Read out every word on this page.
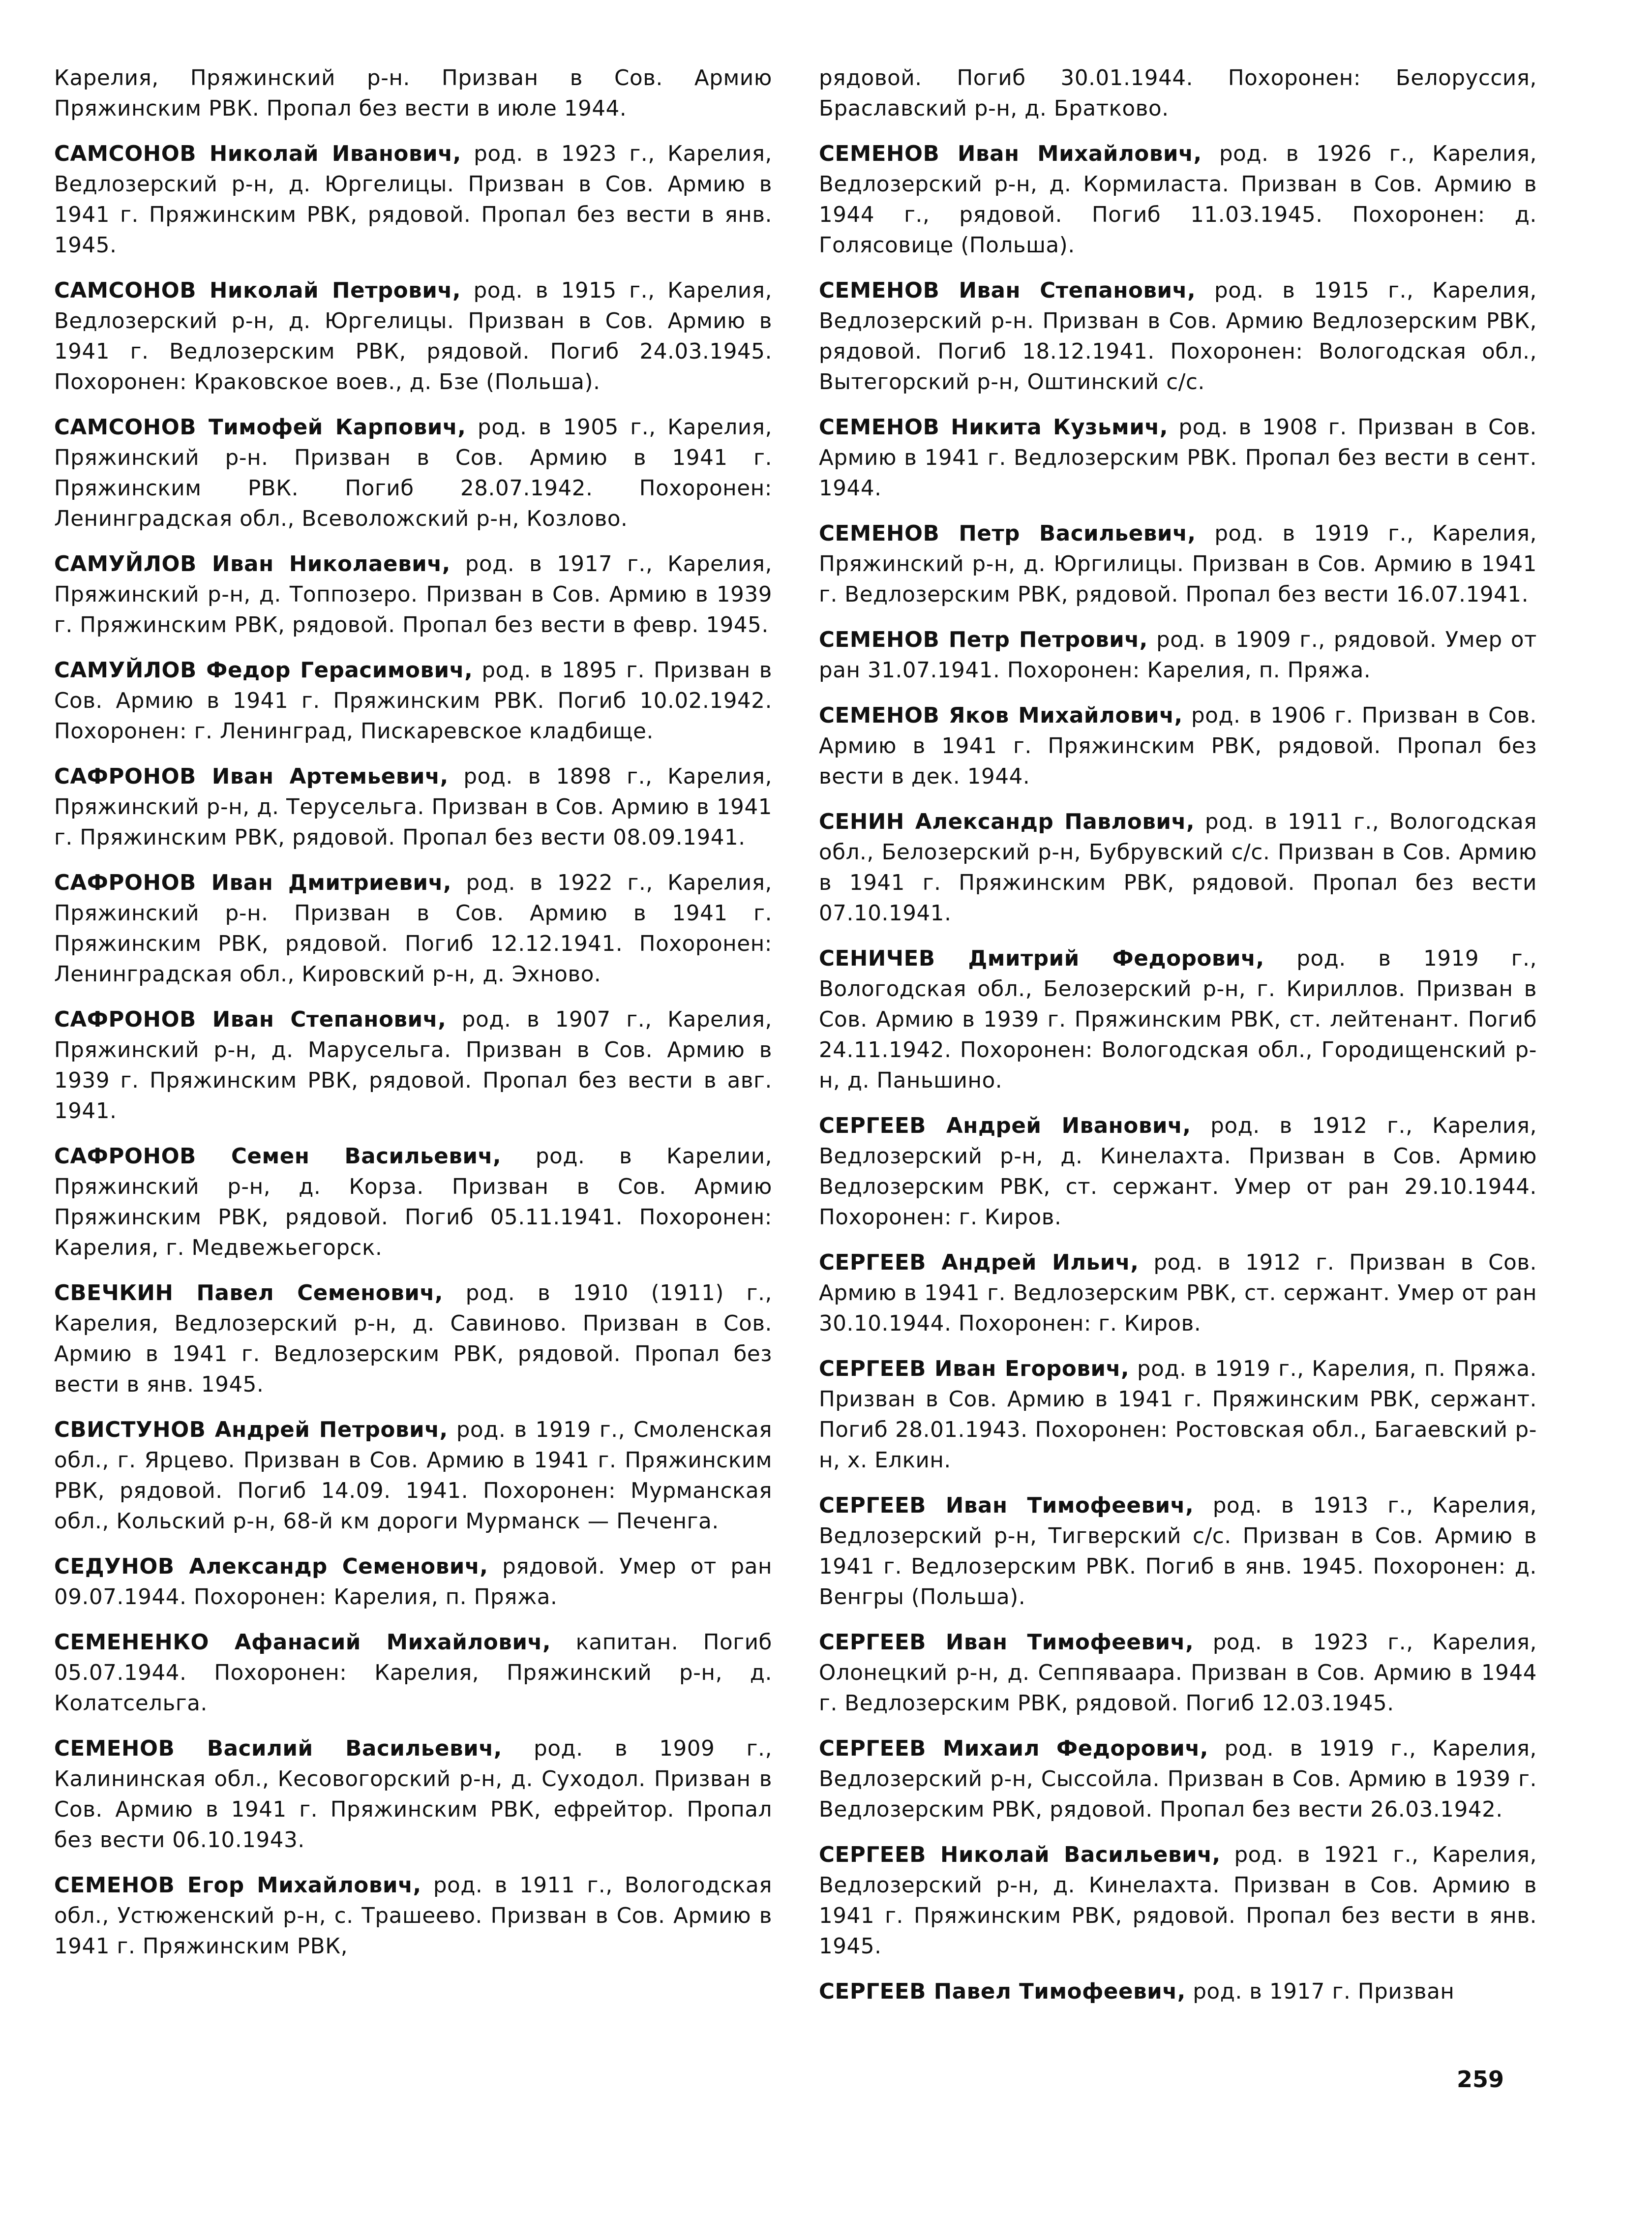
Карелия, Пряжинский р-н. Призван в Сов. Армию Пряжинским РВК. Пропал без вести в июле 1944.

САМСОНОВ Николай Иванович, род. в 1923 г., Карелия, Ведлозерский р-н, д. Юргелицы. Призван в Сов. Армию в 1941 г. Пряжинским РВК, рядовой. Пропал без вести в янв. 1945.

САМСОНОВ Николай Петрович, род. в 1915 г., Карелия, Ведлозерский р-н, д. Юргелицы. Призван в Сов. Армию в 1941 г. Ведлозерским РВК, рядовой. Погиб 24.03.1945. Похоронен: Краковское воев., д. Бзе (Польша).

САМСОНОВ Тимофей Карпович, род. в 1905 г., Карелия, Пряжинский р-н. Призван в Сов. Армию в 1941 г. Пряжинским РВК. Погиб 28.07.1942. Похоронен: Ленинградская обл., Всеволожский р-н, Козлово.

САМУЙЛОВ Иван Николаевич, род. в 1917 г., Карелия, Пряжинский р-н, д. Топпозеро. Призван в Сов. Армию в 1939 г. Пряжинским РВК, рядовой. Пропал без вести в февр. 1945.

САМУЙЛОВ Федор Герасимович, род. в 1895 г. Призван в Сов. Армию в 1941 г. Пряжинским РВК. Погиб 10.02.1942. Похоронен: г. Ленинград, Пискаревское кладбище.

САФРОНОВ Иван Артемьевич, род. в 1898 г., Карелия, Пряжинский р-н, д. Терусельга. Призван в Сов. Армию в 1941 г. Пряжинским РВК, рядовой. Пропал без вести 08.09.1941.

САФРОНОВ Иван Дмитриевич, род. в 1922 г., Карелия, Пряжинский р-н. Призван в Сов. Армию в 1941 г. Пряжинским РВК, рядовой. Погиб 12.12.1941. Похоронен: Ленинградская обл., Кировский р-н, д. Эхново.

САФРОНОВ Иван Степанович, род. в 1907 г., Карелия, Пряжинский р-н, д. Марусельга. Призван в Сов. Армию в 1939 г. Пряжинским РВК, рядовой. Пропал без вести в авг. 1941.

САФРОНОВ Семен Васильевич, род. в Карелии, Пряжинский р-н, д. Корза. Призван в Сов. Армию Пряжинским РВК, рядовой. Погиб 05.11.1941. Похоронен: Карелия, г. Медвежьегорск.

СВЕЧКИН Павел Семенович, род. в 1910 (1911) г., Карелия, Ведлозерский р-н, д. Савиново. Призван в Сов. Армию в 1941 г. Ведлозерским РВК, рядовой. Пропал без вести в янв. 1945.

СВИСТУНОВ Андрей Петрович, род. в 1919 г., Смоленская обл., г. Ярцево. Призван в Сов. Армию в 1941 г. Пряжинским РВК, рядовой. Погиб 14.09. 1941. Похоронен: Мурманская обл., Кольский р-н, 68-й км дороги Мурманск — Печенга.

СЕДУНОВ Александр Семенович, рядовой. Умер от ран 09.07.1944. Похоронен: Карелия, п. Пряжа.

СЕМЕНЕНКО Афанасий Михайлович, капитан. Погиб 05.07.1944. Похоронен: Карелия, Пряжинский р-н, д. Колатсельга.

СЕМЕНОВ Василий Васильевич, род. в 1909 г., Калининская обл., Кесовогорский р-н, д. Суходол. Призван в Сов. Армию в 1941 г. Пряжинским РВК, ефрейтор. Пропал без вести 06.10.1943.

СЕМЕНОВ Егор Михайлович, род. в 1911 г., Вологодская обл., Устюженский р-н, с. Трашеево. Призван в Сов. Армию в 1941 г. Пряжинским РВК,

рядовой. Погиб 30.01.1944. Похоронен: Белоруссия, Браславский р-н, д. Братково.

СЕМЕНОВ Иван Михайлович, род. в 1926 г., Карелия, Ведлозерский р-н, д. Кормиласта. Призван в Сов. Армию в 1944 г., рядовой. Погиб 11.03.1945. Похоронен: д. Голясовице (Польша).

СЕМЕНОВ Иван Степанович, род. в 1915 г., Карелия, Ведлозерский р-н. Призван в Сов. Армию Ведлозерским РВК, рядовой. Погиб 18.12.1941. Похоронен: Вологодская обл., Вытегорский р-н, Оштинский с/с.

СЕМЕНОВ Никита Кузьмич, род. в 1908 г. Призван в Сов. Армию в 1941 г. Ведлозерским РВК. Пропал без вести в сент. 1944.

СЕМЕНОВ Петр Васильевич, род. в 1919 г., Карелия, Пряжинский р-н, д. Юргилицы. Призван в Сов. Армию в 1941 г. Ведлозерским РВК, рядовой. Пропал без вести 16.07.1941.

СЕМЕНОВ Петр Петрович, род. в 1909 г., рядовой. Умер от ран 31.07.1941. Похоронен: Карелия, п. Пряжа.

СЕМЕНОВ Яков Михайлович, род. в 1906 г. Призван в Сов. Армию в 1941 г. Пряжинским РВК, рядовой. Пропал без вести в дек. 1944.

СЕНИН Александр Павлович, род. в 1911 г., Вологодская обл., Белозерский р-н, Бубрувский с/с. Призван в Сов. Армию в 1941 г. Пряжинским РВК, рядовой. Пропал без вести 07.10.1941.

СЕНИЧЕВ Дмитрий Федорович, род. в 1919 г., Вологодская обл., Белозерский р-н, г. Кириллов. Призван в Сов. Армию в 1939 г. Пряжинским РВК, ст. лейтенант. Погиб 24.11.1942. Похоронен: Вологодская обл., Городищенский р-н, д. Паньшино.

СЕРГЕЕВ Андрей Иванович, род. в 1912 г., Карелия, Ведлозерский р-н, д. Кинелахта. Призван в Сов. Армию Ведлозерским РВК, ст. сержант. Умер от ран 29.10.1944. Похоронен: г. Киров.

СЕРГЕЕВ Андрей Ильич, род. в 1912 г. Призван в Сов. Армию в 1941 г. Ведлозерским РВК, ст. сержант. Умер от ран 30.10.1944. Похоронен: г. Киров.

СЕРГЕЕВ Иван Егорович, род. в 1919 г., Карелия, п. Пряжа. Призван в Сов. Армию в 1941 г. Пряжинским РВК, сержант. Погиб 28.01.1943. Похоронен: Ростовская обл., Багаевский р-н, х. Елкин.

СЕРГЕЕВ Иван Тимофеевич, род. в 1913 г., Карелия, Ведлозерский р-н, Тигверский с/с. Призван в Сов. Армию в 1941 г. Ведлозерским РВК. Погиб в янв. 1945. Похоронен: д. Венгры (Польша).

СЕРГЕЕВ Иван Тимофеевич, род. в 1923 г., Карелия, Олонецкий р-н, д. Сеппяваара. Призван в Сов. Армию в 1944 г. Ведлозерским РВК, рядовой. Погиб 12.03.1945.

СЕРГЕЕВ Михаил Федорович, род. в 1919 г., Карелия, Ведлозерский р-н, Сыссойла. Призван в Сов. Армию в 1939 г. Ведлозерским РВК, рядовой. Пропал без вести 26.03.1942.

СЕРГЕЕВ Николай Васильевич, род. в 1921 г., Карелия, Ведлозерский р-н, д. Кинелахта. Призван в Сов. Армию в 1941 г. Пряжинским РВК, рядовой. Пропал без вести в янв. 1945.

СЕРГЕЕВ Павел Тимофеевич, род. в 1917 г. Призван

259
